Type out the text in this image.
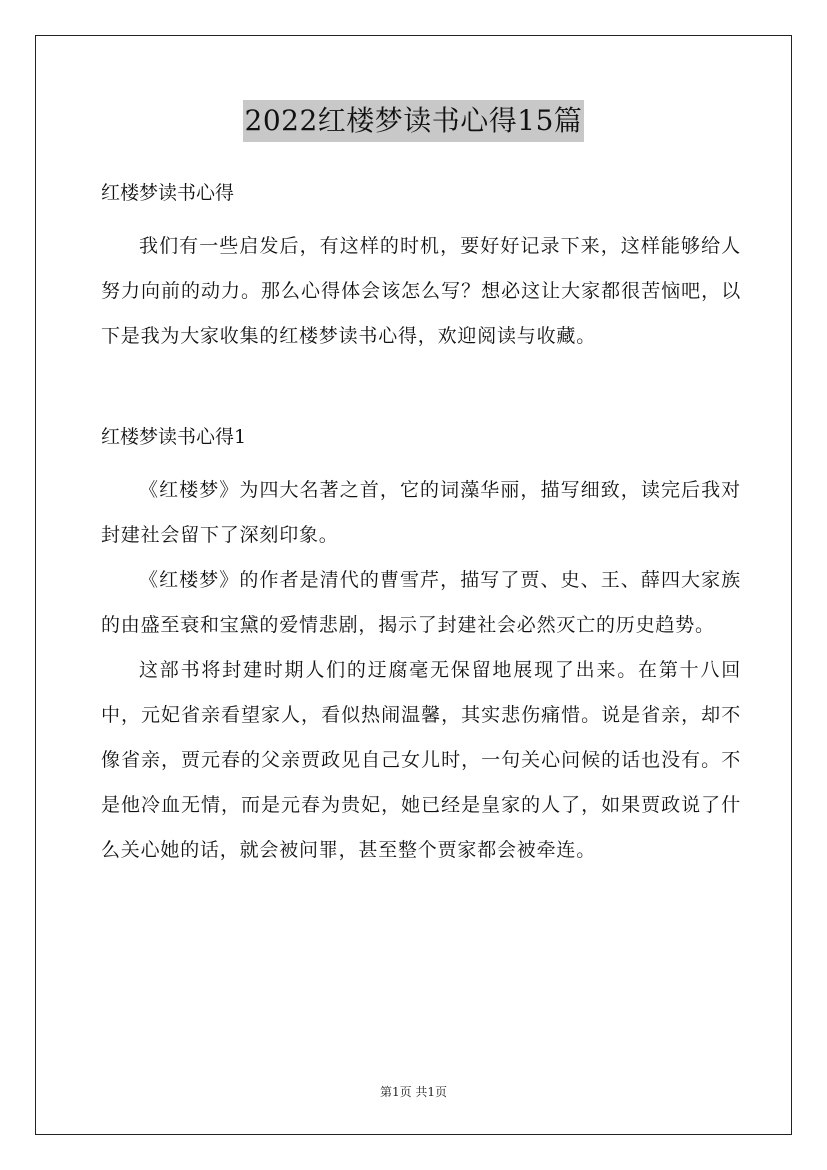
2022红楼梦读书心得15篇
红楼梦读书心得

我们有一些启发后，有这样的时机，要好好记录下来，这样能够给人努力向前的动力。那么心得体会该怎么写？想必这让大家都很苦恼吧，以下是我为大家收集的红楼梦读书心得，欢迎阅读与收藏。

红楼梦读书心得1

《红楼梦》为四大名著之首，它的词藻华丽，描写细致，读完后我对封建社会留下了深刻印象。

《红楼梦》的作者是清代的曹雪芹，描写了贾、史、王、薛四大家族的由盛至衰和宝黛的爱情悲剧，揭示了封建社会必然灭亡的历史趋势。

这部书将封建时期人们的迂腐毫无保留地展现了出来。在第十八回中，元妃省亲看望家人，看似热闹温馨，其实悲伤痛惜。说是省亲，却不像省亲，贾元春的父亲贾政见自己女儿时，一句关心问候的话也没有。不是他冷血无情，而是元春为贵妃，她已经是皇家的人了，如果贾政说了什么关心她的话，就会被问罪，甚至整个贾家都会被牵连。

第1页 共1页
